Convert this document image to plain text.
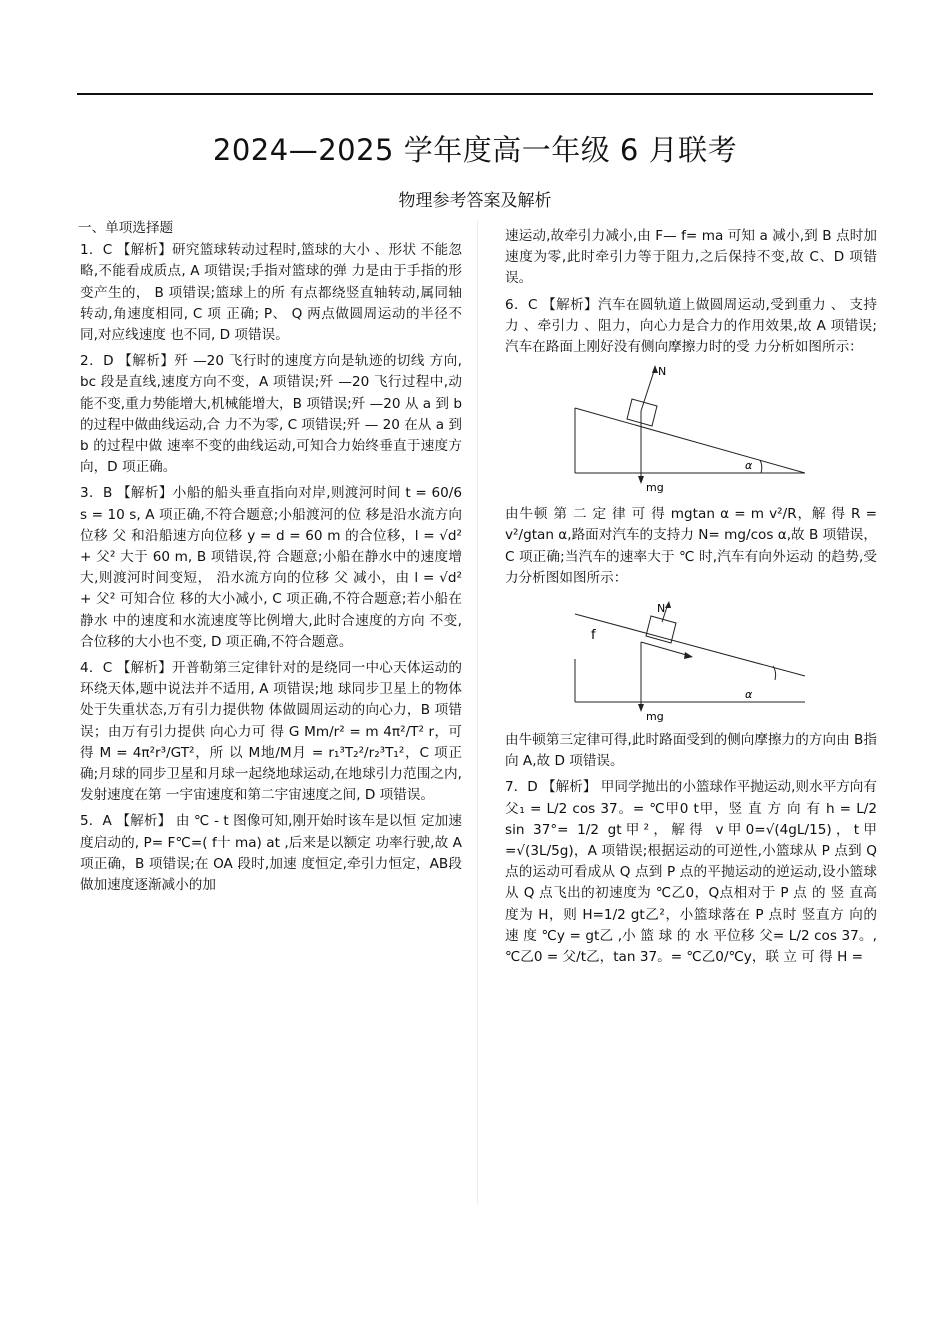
2024—2025 学年度高一年级 6 月联考
物理参考答案及解析
一、单项选择题
1．C 【解析】研究篮球转动过程时,篮球的大小 、形状 不能忽略,不能看成质点, A 项错误;手指对篮球的弹 力是由于手指的形变产生的， B 项错误;篮球上的所 有点都绕竖直轴转动,属同轴转动,角速度相同, C 项 正确; P、 Q 两点做圆周运动的半径不同,对应线速度 也不同, D 项错误。
2．D 【解析】歼 —20 飞行时的速度方向是轨迹的切线 方向, bc 段是直线,速度方向不变，A 项错误;歼 —20 飞行过程中,动能不变,重力势能增大,机械能增大，B 项错误;歼 —20 从 a 到 b 的过程中做曲线运动,合 力不为零, C 项错误;歼 — 20 在从 a 到 b 的过程中做 速率不变的曲线运动,可知合力始终垂直于速度方 向，D 项正确。
3．B 【解析】小船的船头垂直指向对岸,则渡河时间 t = 60/6 s = 10 s, A 项正确,不符合题意;小船渡河的位 移是沿水流方向位移 父 和沿船速方向位移 y = d = 60 m 的合位移，l = √d² + 父² 大于 60 m, B 项错误,符 合题意;小船在静水中的速度增大,则渡河时间变短， 沿水流方向的位移 父 减小，由 l = √d² + 父² 可知合位 移的大小减小, C 项正确,不符合题意;若小船在静水 中的速度和水流速度等比例增大,此时合速度的方向 不变,合位移的大小也不变, D 项正确,不符合题意。
4．C 【解析】开普勒第三定律针对的是绕同一中心天体运动的环绕天体,题中说法并不适用, A 项错误;地 球同步卫星上的物体处于失重状态,万有引力提供物 体做圆周运动的向心力，B 项错误；由万有引力提供 向心力可 得 G Mm/r² = m 4π²/T² r，可 得 M = 4π²r³/GT²，所 以 M地/M月 = r₁³T₂²/r₂³T₁²，C 项正确;月球的同步卫星和月球一起绕地球运动,在地球引力范围之内,发射速度在第 一宇宙速度和第二宇宙速度之间, D 项错误。
5．A 【解析】 由 ℃ - t 图像可知,刚开始时该车是以恒 定加速度启动的, P= F℃=( f十 ma) at ,后来是以额定 功率行驶,故 A 项正确，B 项错误;在 OA 段时,加速 度恒定,牵引力恒定，AB段做加速度逐渐减小的加
速运动,故牵引力减小,由 F— f= ma 可知 a 减小,到 B 点时加速度为零,此时牵引力等于阻力,之后保持不变,故 C、D 项错误。
6．C 【解析】汽车在圆轨道上做圆周运动,受到重力 、 支持力 、牵引力 、阻力，向心力是合力的作用效果,故 A 项错误;汽车在路面上刚好没有侧向摩擦力时的受 力分析如图所示：
N
mg
α
由牛顿 第 二 定 律 可 得 mgtan α = m v²/R，解 得 R = v²/gtan α,路面对汽车的支持力 N= mg/cos α,故 B 项错误，C 项正确;当汽车的速率大于 ℃ 时,汽车有向外运动 的趋势,受力分析图如图所示：
N
mg
f
α
由牛顿第三定律可得,此时路面受到的侧向摩擦力的方向由 B指向 A,故 D 项错误。
7．D 【解析】 甲同学抛出的小篮球作平抛运动,则水平方向有 父₁ = L/2 cos 37。= ℃甲0 t甲，竖 直 方 向 有 h = L/2 sin 37°= 1/2 gt甲²，解得 v甲0=√(4gL/15)，t甲=√(3L/5g)，A 项错误;根据运动的可逆性,小篮球从 P 点到 Q 点的运动可看成从 Q 点到 P 点的平抛运动的逆运动,设小篮球从 Q 点飞出的初速度为 ℃乙0，Q点相对于 P 点 的 竖 直高度为 H，则 H=1/2 gt乙²，小篮球落在 P 点时 竖直方 向的 速 度 ℃y = gt乙 ,小 篮 球 的 水 平位移 父= L/2 cos 37。, ℃乙0 = 父/t乙，tan 37。= ℃乙0/℃y，联 立 可 得 H =
